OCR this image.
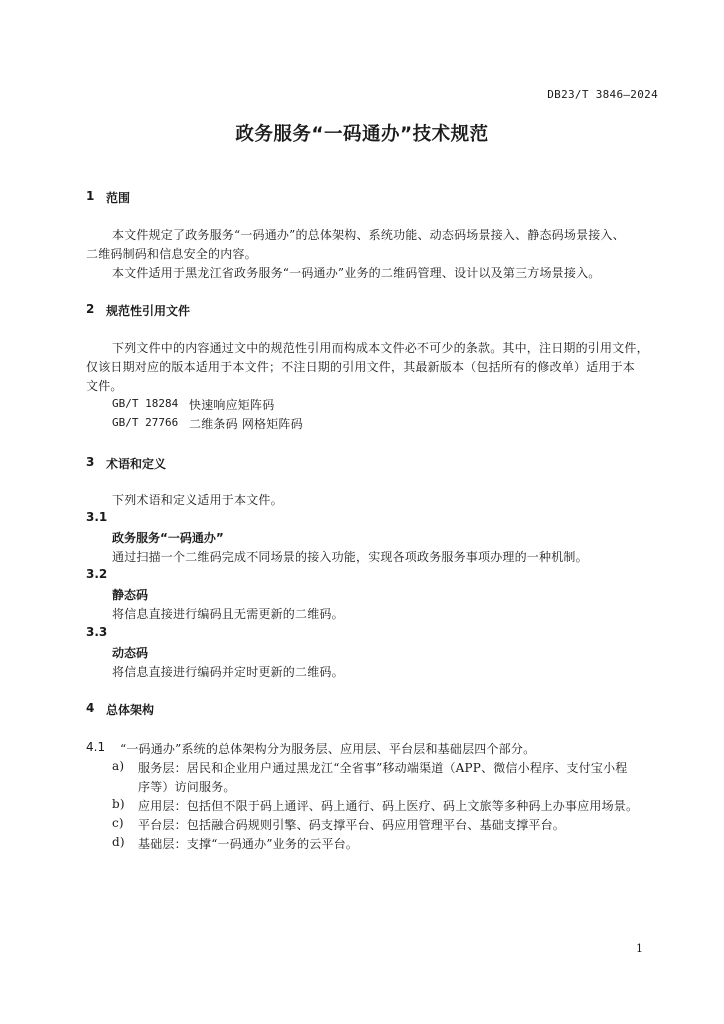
DB23/T 3846—2024
政务服务“一码通办”技术规范
1 范围
本文件规定了政务服务“一码通办”的总体架构、系统功能、动态码场景接入、静态码场景接入、
二维码制码和信息安全的内容。
本文件适用于黑龙江省政务服务“一码通办”业务的二维码管理、设计以及第三方场景接入。
2 规范性引用文件
下列文件中的内容通过文中的规范性引用而构成本文件必不可少的条款。其中，注日期的引用文件，
仅该日期对应的版本适用于本文件；不注日期的引用文件，其最新版本（包括所有的修改单）适用于本
文件。
GB/T 18284 快速响应矩阵码
GB/T 27766 二维条码 网格矩阵码
3 术语和定义
下列术语和定义适用于本文件。
3.1
政务服务“一码通办”
通过扫描一个二维码完成不同场景的接入功能，实现各项政务服务事项办理的一种机制。
3.2
静态码
将信息直接进行编码且无需更新的二维码。
3.3
动态码
将信息直接进行编码并定时更新的二维码。
4 总体架构
4.1 “一码通办”系统的总体架构分为服务层、应用层、平台层和基础层四个部分。
a) 服务层：居民和企业用户通过黑龙江“全省事”移动端渠道（APP、微信小程序、支付宝小程
序等）访问服务。
b) 应用层：包括但不限于码上通评、码上通行、码上医疗、码上文旅等多种码上办事应用场景。
c) 平台层：包括融合码规则引擎、码支撑平台、码应用管理平台、基础支撑平台。
d) 基础层：支撑“一码通办”业务的云平台。
1
